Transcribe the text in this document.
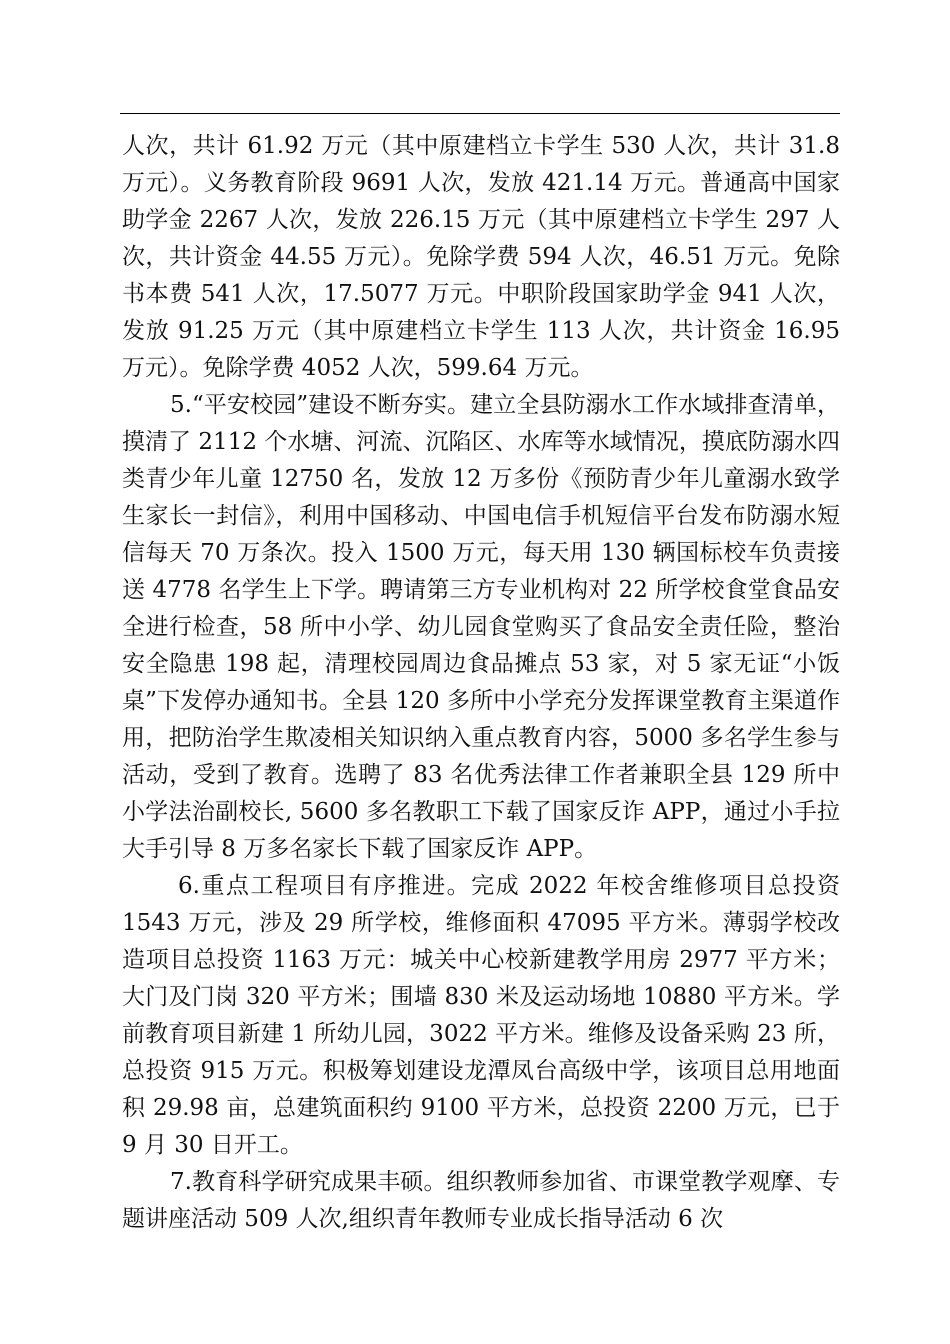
人次，共计 61.92 万元（其中原建档立卡学生 530 人次，共计 31.8 万元）。义务教育阶段 9691 人次，发放 421.14 万元。普通高中国家助学金 2267 人次，发放 226.15 万元（其中原建档立卡学生 297 人次，共计资金 44.55 万元）。免除学费 594 人次，46.51 万元。免除书本费 541 人次，17.5077 万元。中职阶段国家助学金 941 人次，发放 91.25 万元（其中原建档立卡学生 113 人次，共计资金 16.95 万元）。免除学费 4052 人次，599.64 万元。

5.“平安校园”建设不断夯实。建立全县防溺水工作水域排查清单，摸清了 2112 个水塘、河流、沉陷区、水库等水域情况，摸底防溺水四类青少年儿童 12750 名，发放 12 万多份《预防青少年儿童溺水致学生家长一封信》，利用中国移动、中国电信手机短信平台发布防溺水短信每天 70 万条次。投入 1500 万元，每天用 130 辆国标校车负责接送 4778 名学生上下学。聘请第三方专业机构对 22 所学校食堂食品安全进行检查，58 所中小学、幼儿园食堂购买了食品安全责任险，整治安全隐患 198 起，清理校园周边食品摊点 53 家，对 5 家无证“小饭桌”下发停办通知书。全县 120 多所中小学充分发挥课堂教育主渠道作用，把防治学生欺凌相关知识纳入重点教育内容，5000 多名学生参与活动，受到了教育。选聘了 83 名优秀法律工作者兼职全县 129 所中小学法治副校长, 5600 多名教职工下载了国家反诈 APP，通过小手拉大手引导 8 万多名家长下载了国家反诈 APP。

6.重点工程项目有序推进。完成 2022 年校舍维修项目总投资 1543 万元，涉及 29 所学校，维修面积 47095 平方米。薄弱学校改造项目总投资 1163 万元：城关中心校新建教学用房 2977 平方米；大门及门岗 320 平方米；围墙 830 米及运动场地 10880 平方米。学前教育项目新建 1 所幼儿园，3022 平方米。维修及设备采购 23 所，总投资 915 万元。积极筹划建设龙潭凤台高级中学，该项目总用地面积 29.98 亩，总建筑面积约 9100 平方米，总投资 2200 万元，已于 9 月 30 日开工。

7.教育科学研究成果丰硕。组织教师参加省、市课堂教学观摩、专题讲座活动 509 人次,组织青年教师专业成长指导活动 6 次
